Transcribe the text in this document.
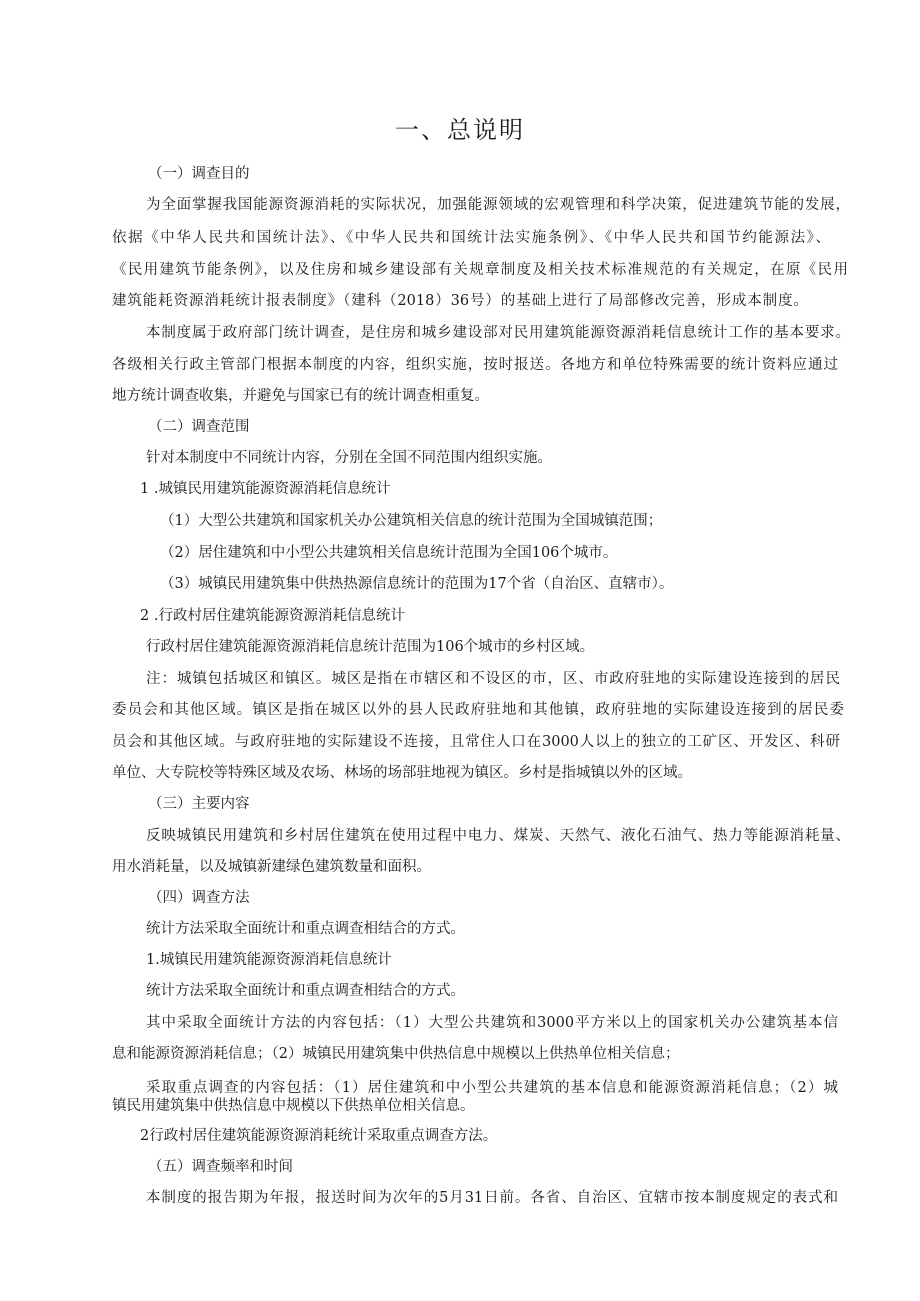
一、总说明
（一）调查目的
为全面掌握我国能源资源消耗的实际状况，加强能源领域的宏观管理和科学决策，促进建筑节能的发展，
依据《中华人民共和国统计法》、《中华人民共和国统计法实施条例》、《中华人民共和国节约能源法》、
《民用建筑节能条例》，以及住房和城乡建设部有关规章制度及相关技术标准规范的有关规定，在原《民用
建筑能耗资源消耗统计报表制度》（建科（2018）36号）的基础上进行了局部修改完善，形成本制度。
本制度属于政府部门统计调查，是住房和城乡建设部对民用建筑能源资源消耗信息统计工作的基本要求。
各级相关行政主管部门根据本制度的内容，组织实施，按时报送。各地方和单位特殊需要的统计资料应通过
地方统计调查收集，并避免与国家已有的统计调查相重复。
（二）调查范围
针对本制度中不同统计内容，分别在全国不同范围内组织实施。
1 .城镇民用建筑能源资源消耗信息统计
（1）大型公共建筑和国家机关办公建筑相关信息的统计范围为全国城镇范围；
（2）居住建筑和中小型公共建筑相关信息统计范围为全国106个城市。
（3）城镇民用建筑集中供热热源信息统计的范围为17个省（自治区、直辖市）。
2 .行政村居住建筑能源资源消耗信息统计
行政村居住建筑能源资源消耗信息统计范围为106个城市的乡村区域。
注：城镇包括城区和镇区。城区是指在市辖区和不设区的市，区、市政府驻地的实际建设连接到的居民
委员会和其他区域。镇区是指在城区以外的县人民政府驻地和其他镇，政府驻地的实际建设连接到的居民委
员会和其他区域。与政府驻地的实际建设不连接，且常住人口在3000人以上的独立的工矿区、开发区、科研
单位、大专院校等特殊区域及农场、林场的场部驻地视为镇区。乡村是指城镇以外的区域。
（三）主要内容
反映城镇民用建筑和乡村居住建筑在使用过程中电力、煤炭、天然气、液化石油气、热力等能源消耗量、
用水消耗量，以及城镇新建绿色建筑数量和面积。
（四）调查方法
统计方法采取全面统计和重点调查相结合的方式。
1.城镇民用建筑能源资源消耗信息统计
统计方法采取全面统计和重点调查相结合的方式。
其中采取全面统计方法的内容包括：（1）大型公共建筑和3000平方米以上的国家机关办公建筑基本信
息和能源资源消耗信息；（2）城镇民用建筑集中供热信息中规模以上供热单位相关信息；
采取重点调查的内容包括：（1）居住建筑和中小型公共建筑的基本信息和能源资源消耗信息；（2）城
镇民用建筑集中供热信息中规模以下供热单位相关信息。
2行政村居住建筑能源资源消耗统计采取重点调查方法。
（五）调查频率和时间
本制度的报告期为年报，报送时间为次年的5月31日前。各省、自治区、宜辖市按本制度规定的表式和
